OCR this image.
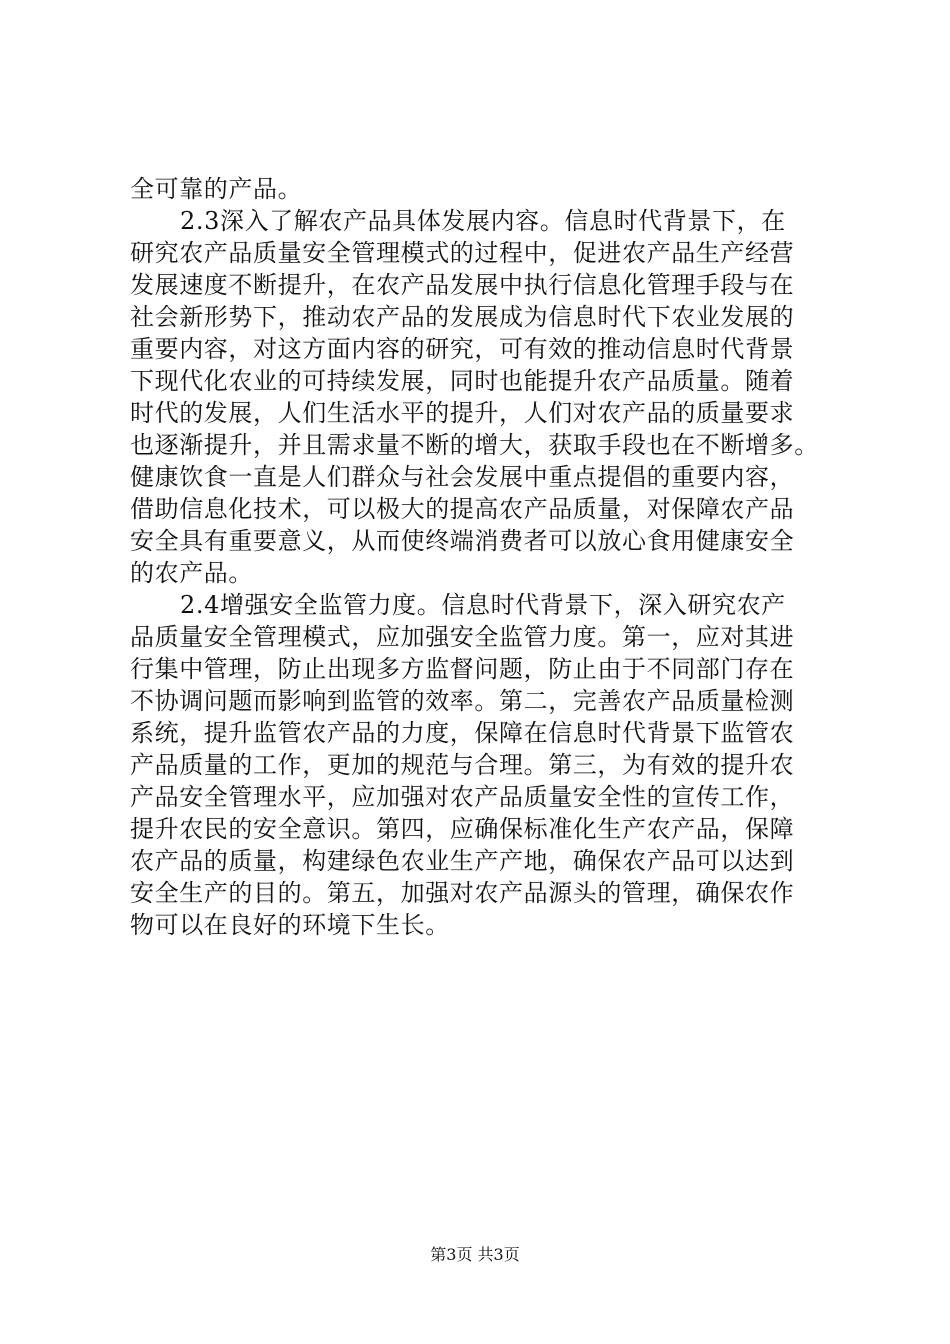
全可靠的产品。
2.3深入了解农产品具体发展内容。信息时代背景下，在
研究农产品质量安全管理模式的过程中，促进农产品生产经营
发展速度不断提升，在农产品发展中执行信息化管理手段与在
社会新形势下，推动农产品的发展成为信息时代下农业发展的
重要内容，对这方面内容的研究，可有效的推动信息时代背景
下现代化农业的可持续发展，同时也能提升农产品质量。随着
时代的发展，人们生活水平的提升，人们对农产品的质量要求
也逐渐提升，并且需求量不断的增大，获取手段也在不断增多。
健康饮食一直是人们群众与社会发展中重点提倡的重要内容，
借助信息化技术，可以极大的提高农产品质量，对保障农产品
安全具有重要意义，从而使终端消费者可以放心食用健康安全
的农产品。
2.4增强安全监管力度。信息时代背景下，深入研究农产
品质量安全管理模式，应加强安全监管力度。第一，应对其进
行集中管理，防止出现多方监督问题，防止由于不同部门存在
不协调问题而影响到监管的效率。第二，完善农产品质量检测
系统，提升监管农产品的力度，保障在信息时代背景下监管农
产品质量的工作，更加的规范与合理。第三，为有效的提升农
产品安全管理水平，应加强对农产品质量安全性的宣传工作，
提升农民的安全意识。第四，应确保标准化生产农产品，保障
农产品的质量，构建绿色农业生产产地，确保农产品可以达到
安全生产的目的。第五，加强对农产品源头的管理，确保农作
物可以在良好的环境下生长。
第3页 共3页
